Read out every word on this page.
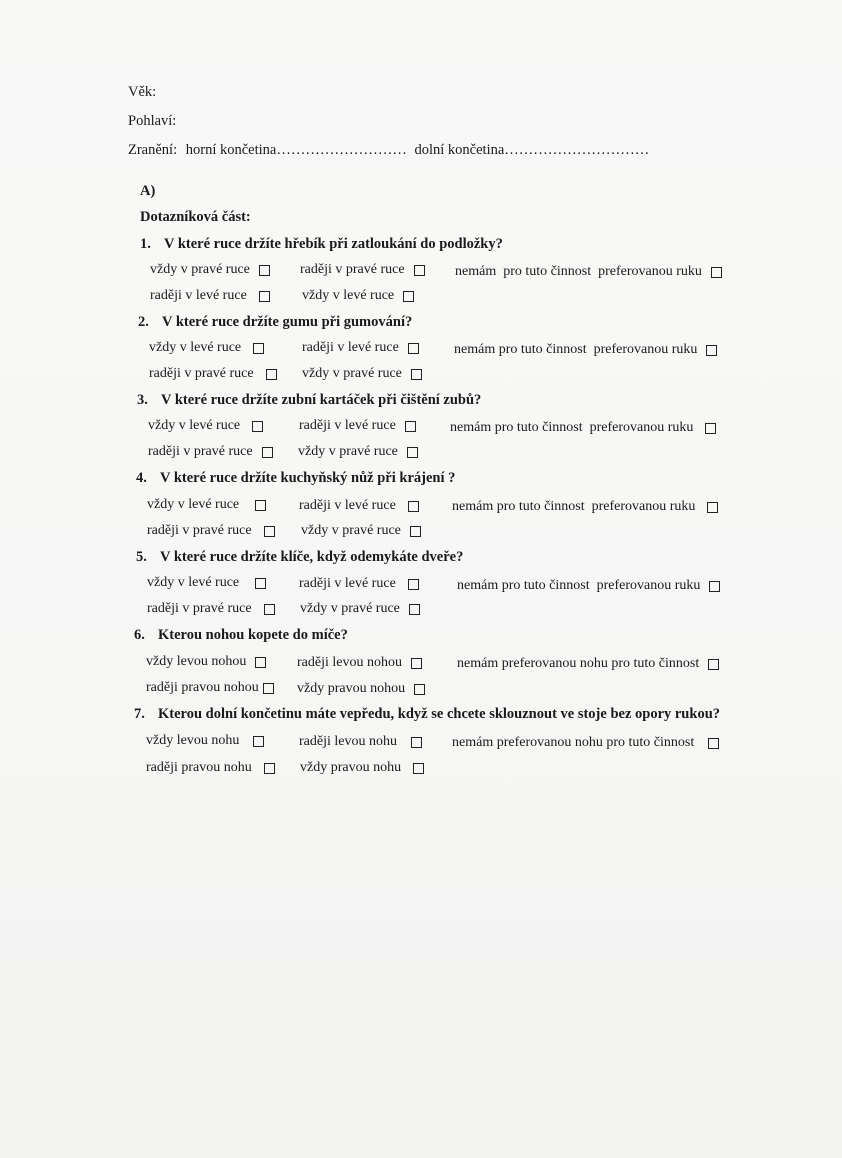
Věk:
Pohlaví:
Zranění: horní končetina……………………… dolní končetina…………………………
A)
Dotazníková část:
1. V které ruce držíte hřebík při zatloukání do podložky?
vždy v pravé ruce	raději v pravé ruce	nemám  pro tuto činnost  preferovanou ruku
raději v levé ruce	vždy v levé ruce
2. V které ruce držíte gumu při gumování?
vždy v levé ruce	raději v levé ruce	nemám pro tuto činnost  preferovanou ruku
raději v pravé ruce	vždy v pravé ruce
3. V které ruce držíte zubní kartáček při čištění zubů?
vždy v levé ruce	raději v levé ruce	nemám pro tuto činnost  preferovanou ruku
raději v pravé ruce	vždy v pravé ruce
4. V které ruce držíte kuchyňský nůž při krájení ?
vždy v levé ruce	raději v levé ruce	nemám pro tuto činnost  preferovanou ruku
raději v pravé ruce	vždy v pravé ruce
5. V které ruce držíte klíče, když odemykáte dveře?
vždy v levé ruce	raději v levé ruce	nemám pro tuto činnost  preferovanou ruku
raději v pravé ruce	vždy v pravé ruce
6. Kterou nohou kopete do míče?
vždy levou nohou	raději levou nohou	nemám preferovanou nohu pro tuto činnost
raději pravou nohou	vždy pravou nohou
7. Kterou dolní končetinu máte vepředu, když se chcete sklouznout ve stoje bez opory rukou?
vždy levou nohu	raději levou nohu	nemám preferovanou nohu pro tuto činnost
raději pravou nohu	vždy pravou nohu
